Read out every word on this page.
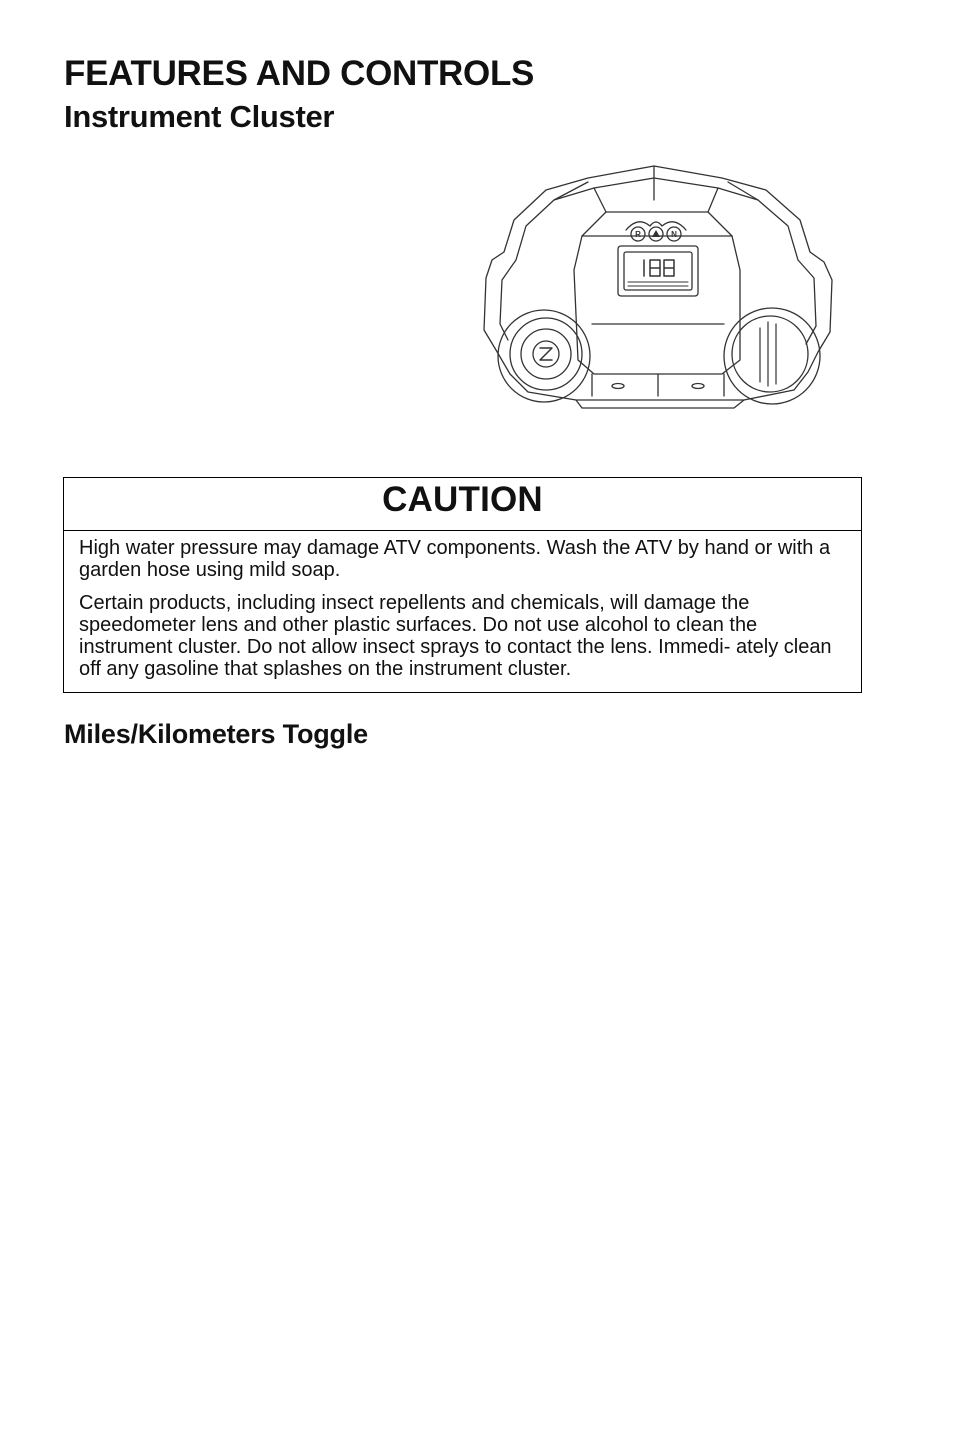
FEATURES AND CONTROLS
Instrument Cluster
R	N
CAUTION

High water pressure may damage ATV components. Wash the ATV by hand or with a garden hose using mild soap.

Certain products, including insect repellents and chemicals, will damage the speedometer lens and other plastic surfaces. Do not use alcohol to clean the instrument cluster. Do not allow insect sprays to contact the lens. Immedi- ately clean off any gasoline that splashes on the instrument cluster.

Miles/Kilometers Toggle
